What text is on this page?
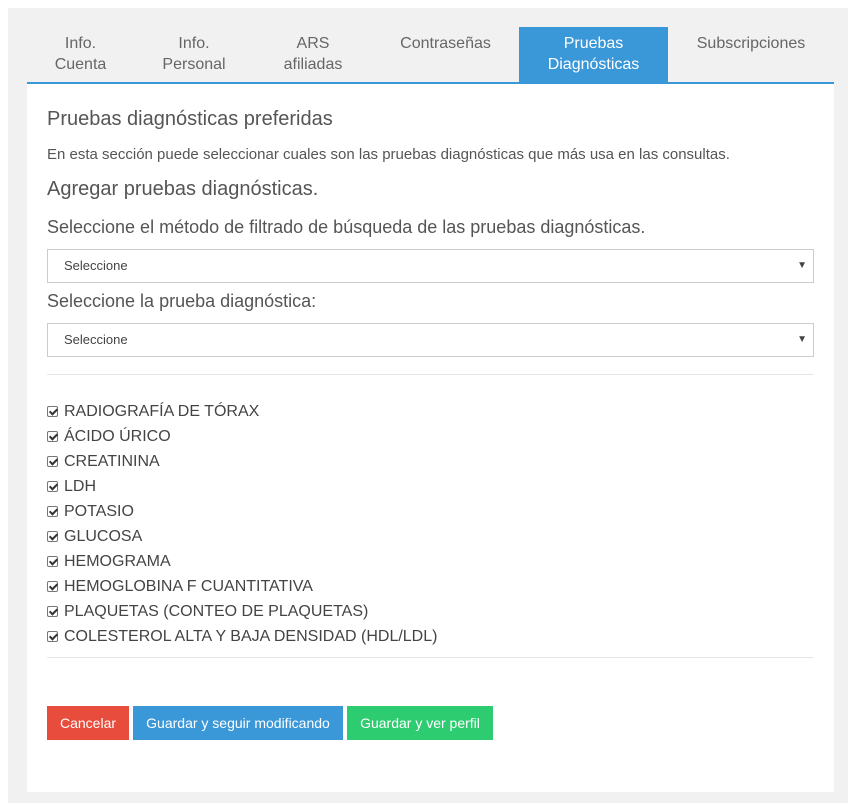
Info.
Cuenta
Info.
Personal
ARS
afiliadas
Contraseñas	Pruebas
Diagnósticas
Subscripciones
Pruebas diagnósticas preferidas
En esta sección puede seleccionar cuales son las pruebas diagnósticas que más usa en las consultas.
Agregar pruebas diagnósticas.
Seleccione el método de filtrado de búsqueda de las pruebas diagnósticas.
Seleccione	▼
Seleccione la prueba diagnóstica:
Seleccione	▼
RADIOGRAFÍA DE TÓRAX
ÁCIDO ÚRICO
CREATININA
LDH
POTASIO
GLUCOSA
HEMOGRAMA
HEMOGLOBINA F CUANTITATIVA
PLAQUETAS (CONTEO DE PLAQUETAS)
COLESTEROL ALTA Y BAJA DENSIDAD (HDL/LDL)
Cancelar	Guardar y seguir modificando	Guardar y ver perfil
